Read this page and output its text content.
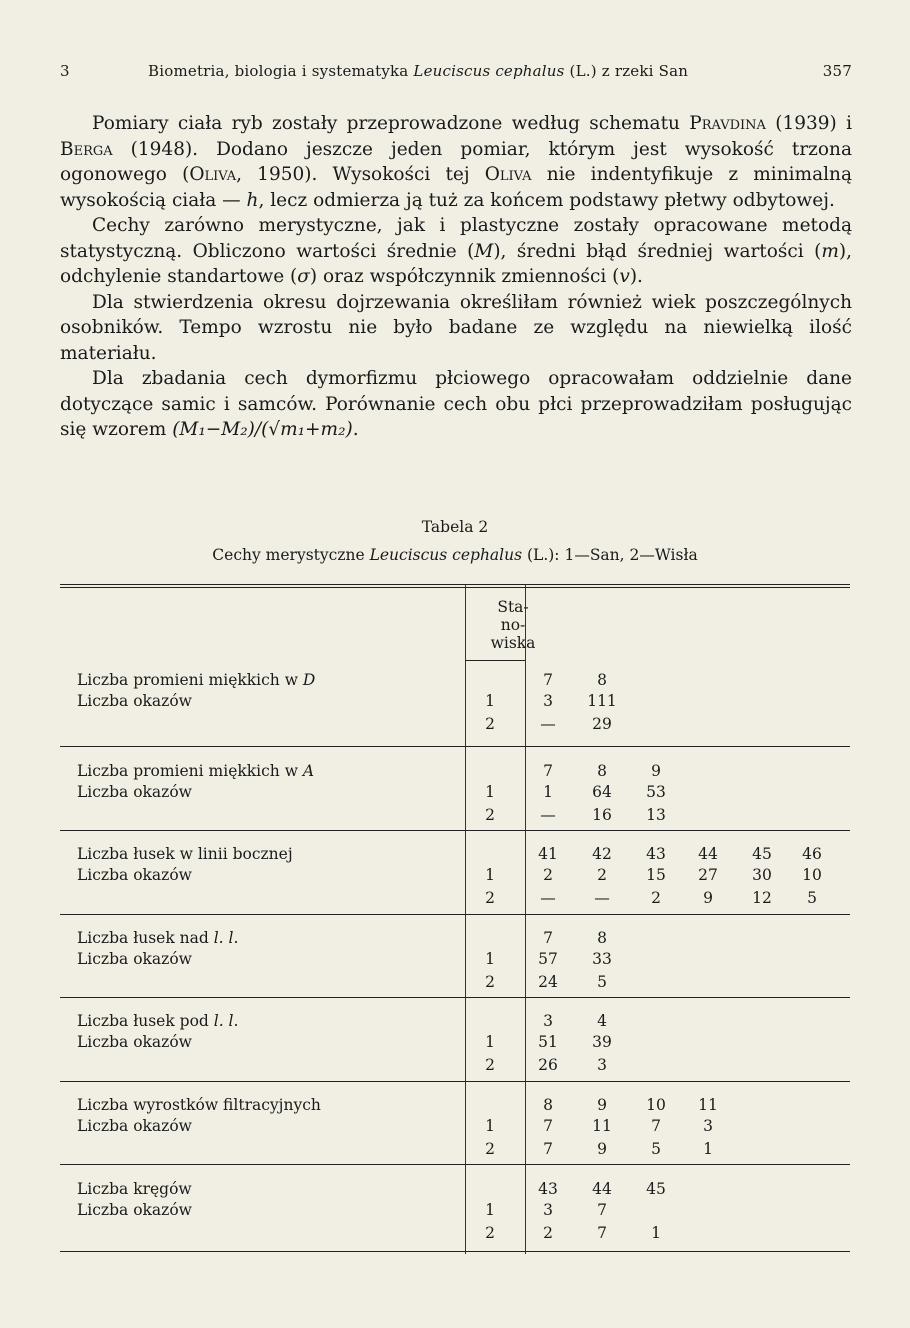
3	Biometria, biologia i systematyka Leuciscus cephalus (L.) z rzeki San	357

Pomiary ciała ryb zostały przeprowadzone według schematu Pravdina (1939) i Berga (1948). Dodano jeszcze jeden pomiar, którym jest wysokość trzona ogonowego (Oliva, 1950). Wysokości tej Oliva nie indentyfikuje z minimalną wysokością ciała — h, lecz odmierza ją tuż za końcem podstawy płetwy odbytowej.

Cechy zarówno merystyczne, jak i plastyczne zostały opracowane metodą statystyczną. Obliczono wartości średnie (M), średni błąd średniej wartości (m), odchylenie standartowe (σ) oraz współczynnik zmienności (v).

Dla stwierdzenia okresu dojrzewania określiłam również wiek poszczególnych osobników. Tempo wzrostu nie było badane ze względu na niewielką ilość materiału.

Dla zbadania cech dymorfizmu płciowego opracowałam oddzielnie dane dotyczące samic i samców. Porównanie cech obu płci przeprowadziłam posługując się wzorem (M₁−M₂)/(√m₁+m₂).

Tabela 2
Cechy merystyczne Leuciscus cephalus (L.): 1—San, 2—Wisła
Sta-
no-
wiska
Liczba promieni miękkich w D
Liczba okazów
7	8
1	3	111
2	—	29
Liczba promieni miękkich w A
Liczba okazów
7	8	9
1	1	64	53
2	—	16	13
Liczba łusek w linii bocznej
Liczba okazów
41	42	43	44	45	46
1	2	2	15	27	30	10
2	—	—	2	9	12	5
Liczba łusek nad l. l.
Liczba okazów
7	8
1	57	33
2	24	5
Liczba łusek pod l. l.
Liczba okazów
3	4
1	51	39
2	26	3
Liczba wyrostków filtracyjnych
Liczba okazów
8	9	10	11
1	7	11	7	3
2	7	9	5	1
Liczba kręgów
Liczba okazów
43	44	45
1	3	7
2	2	7	1
